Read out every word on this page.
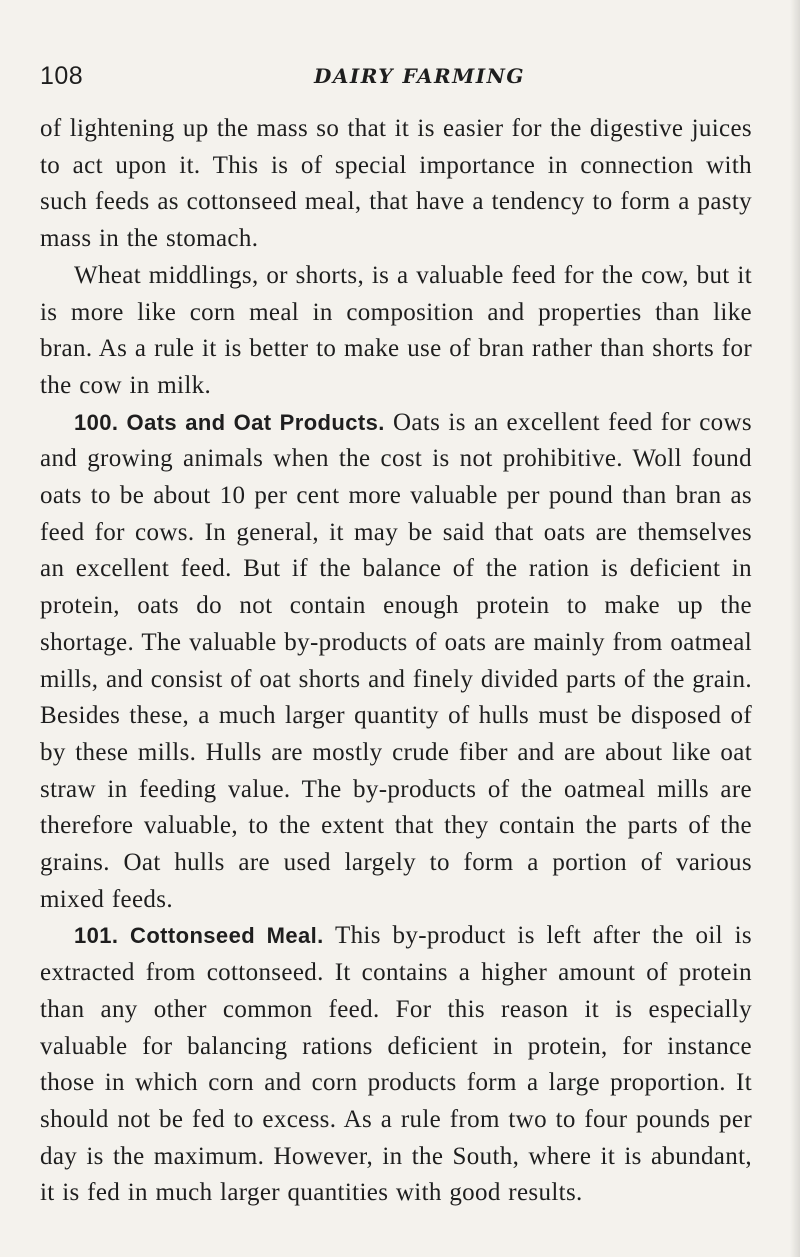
108	DAIRY FARMING

of lightening up the mass so that it is easier for the digestive juices to act upon it. This is of special importance in connection with such feeds as cottonseed meal, that have a tendency to form a pasty mass in the stomach.

Wheat middlings, or shorts, is a valuable feed for the cow, but it is more like corn meal in composition and properties than like bran. As a rule it is better to make use of bran rather than shorts for the cow in milk.

100. Oats and Oat Products. Oats is an excellent feed for cows and growing animals when the cost is not prohibitive. Woll found oats to be about 10 per cent more valuable per pound than bran as feed for cows. In general, it may be said that oats are themselves an excellent feed. But if the balance of the ration is deficient in protein, oats do not contain enough protein to make up the shortage. The valuable by-products of oats are mainly from oatmeal mills, and consist of oat shorts and finely divided parts of the grain. Besides these, a much larger quantity of hulls must be disposed of by these mills. Hulls are mostly crude fiber and are about like oat straw in feeding value. The by-products of the oatmeal mills are therefore valuable, to the extent that they contain the parts of the grains. Oat hulls are used largely to form a portion of various mixed feeds.

101. Cottonseed Meal. This by-product is left after the oil is extracted from cottonseed. It contains a higher amount of protein than any other common feed. For this reason it is especially valuable for balancing rations deficient in protein, for instance those in which corn and corn products form a large proportion. It should not be fed to excess. As a rule from two to four pounds per day is the maximum. However, in the South, where it is abundant, it is fed in much larger quantities with good results.
